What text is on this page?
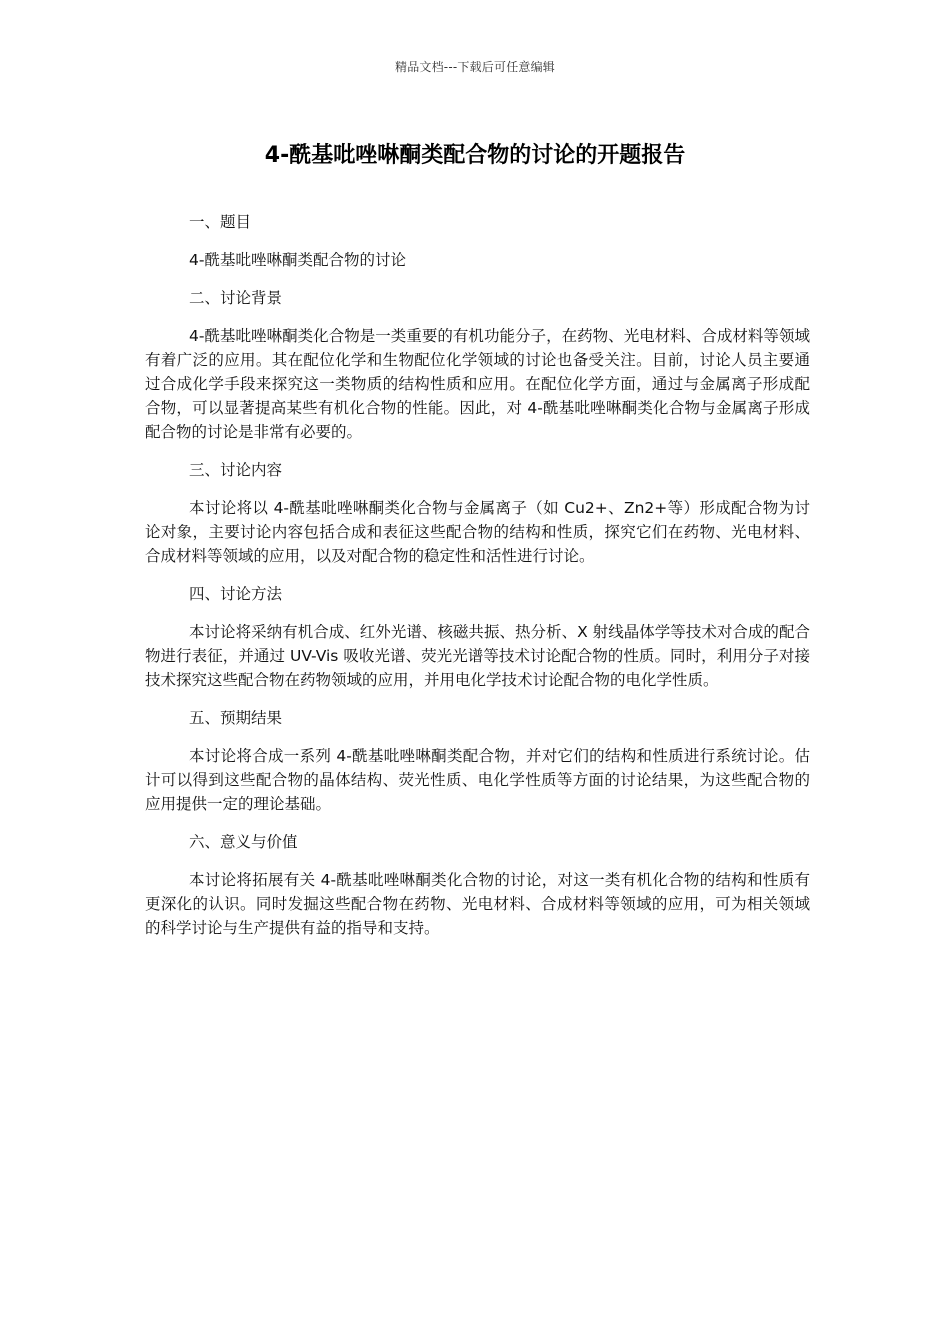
精品文档---下载后可任意编辑
4-酰基吡唑啉酮类配合物的讨论的开题报告

一、题目

4-酰基吡唑啉酮类配合物的讨论

二、讨论背景

4-酰基吡唑啉酮类化合物是一类重要的有机功能分子，在药物、光电材料、合成材料等领域有着广泛的应用。其在配位化学和生物配位化学领域的讨论也备受关注。目前，讨论人员主要通过合成化学手段来探究这一类物质的结构性质和应用。在配位化学方面，通过与金属离子形成配合物，可以显著提高某些有机化合物的性能。因此，对 4-酰基吡唑啉酮类化合物与金属离子形成配合物的讨论是非常有必要的。

三、讨论内容

本讨论将以 4-酰基吡唑啉酮类化合物与金属离子（如 Cu2+、Zn2+等）形成配合物为讨论对象，主要讨论内容包括合成和表征这些配合物的结构和性质，探究它们在药物、光电材料、合成材料等领域的应用，以及对配合物的稳定性和活性进行讨论。

四、讨论方法

本讨论将采纳有机合成、红外光谱、核磁共振、热分析、X 射线晶体学等技术对合成的配合物进行表征，并通过 UV-Vis 吸收光谱、荧光光谱等技术讨论配合物的性质。同时，利用分子对接技术探究这些配合物在药物领域的应用，并用电化学技术讨论配合物的电化学性质。

五、预期结果

本讨论将合成一系列 4-酰基吡唑啉酮类配合物，并对它们的结构和性质进行系统讨论。估计可以得到这些配合物的晶体结构、荧光性质、电化学性质等方面的讨论结果，为这些配合物的应用提供一定的理论基础。

六、意义与价值

本讨论将拓展有关 4-酰基吡唑啉酮类化合物的讨论，对这一类有机化合物的结构和性质有更深化的认识。同时发掘这些配合物在药物、光电材料、合成材料等领域的应用，可为相关领域的科学讨论与生产提供有益的指导和支持。
